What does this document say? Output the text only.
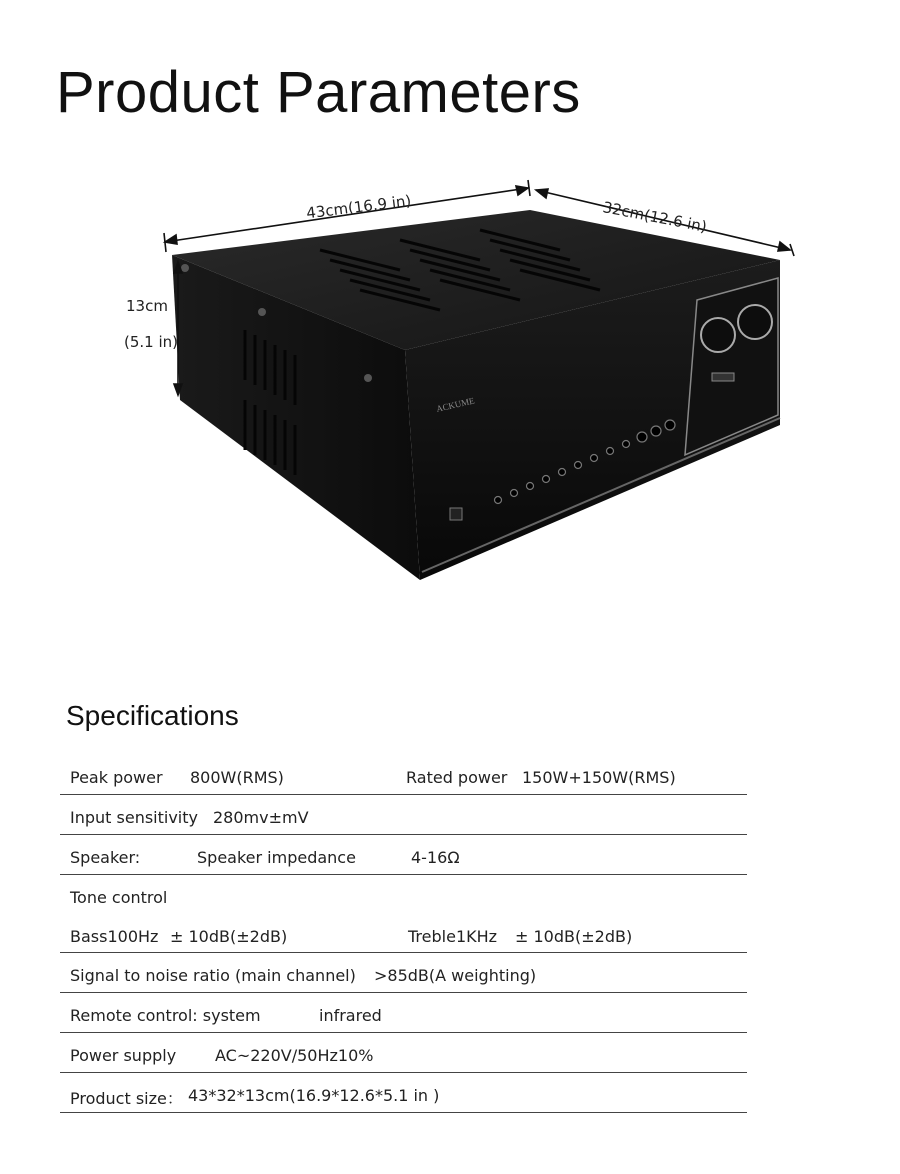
Product Parameters
ACKUME
43cm(16.9 in)	32cm(12.6 in)
13cm
(5.1 in)
Specifications
Peak power 800W(RMS)	Rated power 150W+150W(RMS)
Input sensitivity 280mv±mV
Speaker:	Speaker impedance	4-16Ω
Tone control
Bass100Hz ± 10dB(±2dB)	Treble1KHz ± 10dB(±2dB)
Signal to noise ratio (main channel) >85dB(A weighting)
Remote control: system	infrared
Power supply AC~220V/50Hz10%
Product size： 43*32*13cm(16.9*12.6*5.1 in )
